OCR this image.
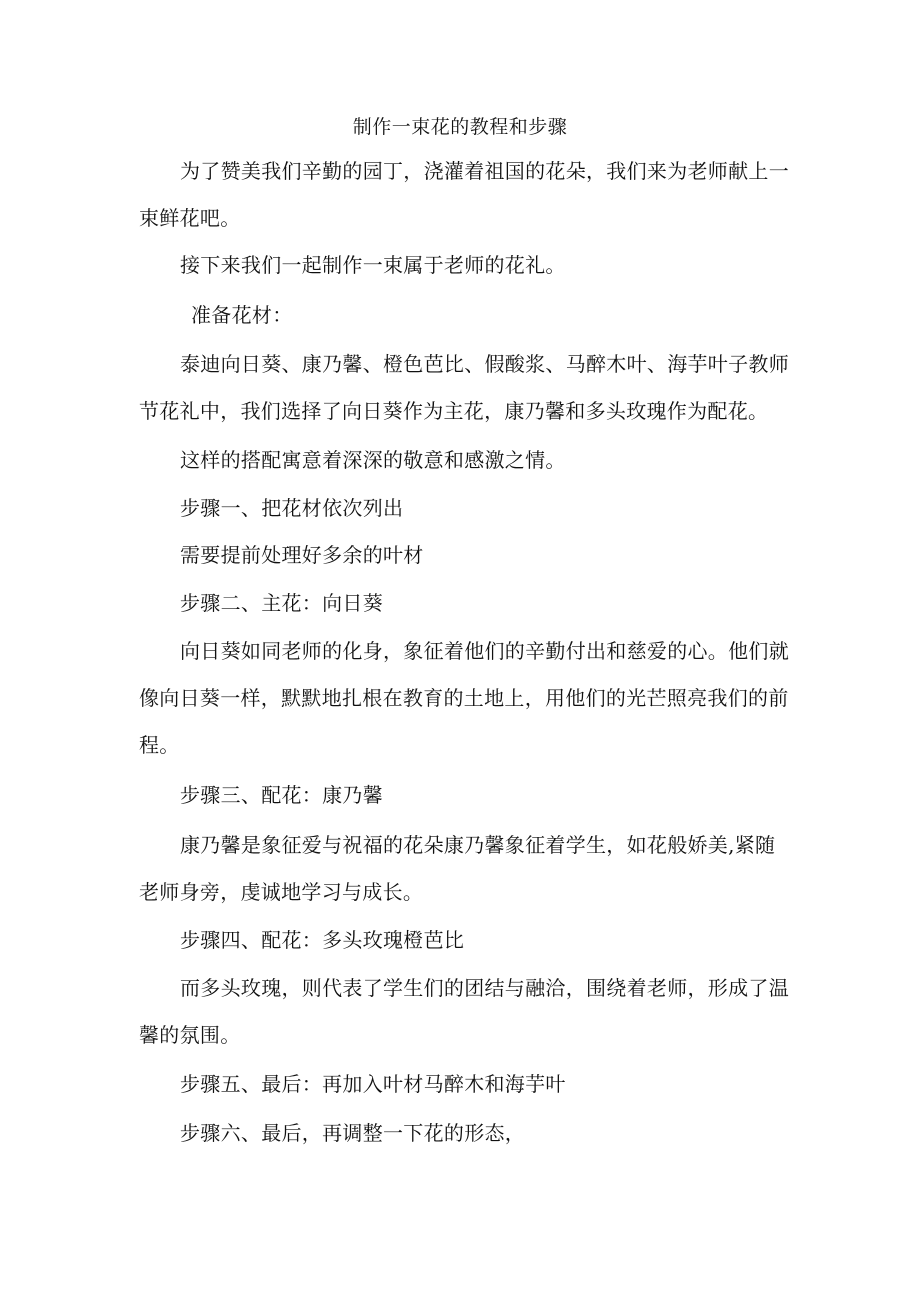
制作一束花的教程和步骤

为了赞美我们辛勤的园丁，浇灌着祖国的花朵，我们来为老师献上一束鲜花吧。

接下来我们一起制作一束属于老师的花礼。

准备花材：

泰迪向日葵、康乃馨、橙色芭比、假酸浆、马醉木叶、海芋叶子教师节花礼中，我们选择了向日葵作为主花，康乃馨和多头玫瑰作为配花。

这样的搭配寓意着深深的敬意和感激之情。

步骤一、把花材依次列出

需要提前处理好多余的叶材

步骤二、主花：向日葵

向日葵如同老师的化身，象征着他们的辛勤付出和慈爱的心。他们就像向日葵一样，默默地扎根在教育的土地上，用他们的光芒照亮我们的前程。

步骤三、配花：康乃馨

康乃馨是象征爱与祝福的花朵康乃馨象征着学生，如花般娇美,紧随老师身旁，虔诚地学习与成长。

步骤四、配花：多头玫瑰橙芭比

而多头玫瑰，则代表了学生们的团结与融洽，围绕着老师，形成了温馨的氛围。

步骤五、最后：再加入叶材马醉木和海芋叶

步骤六、最后，再调整一下花的形态，
